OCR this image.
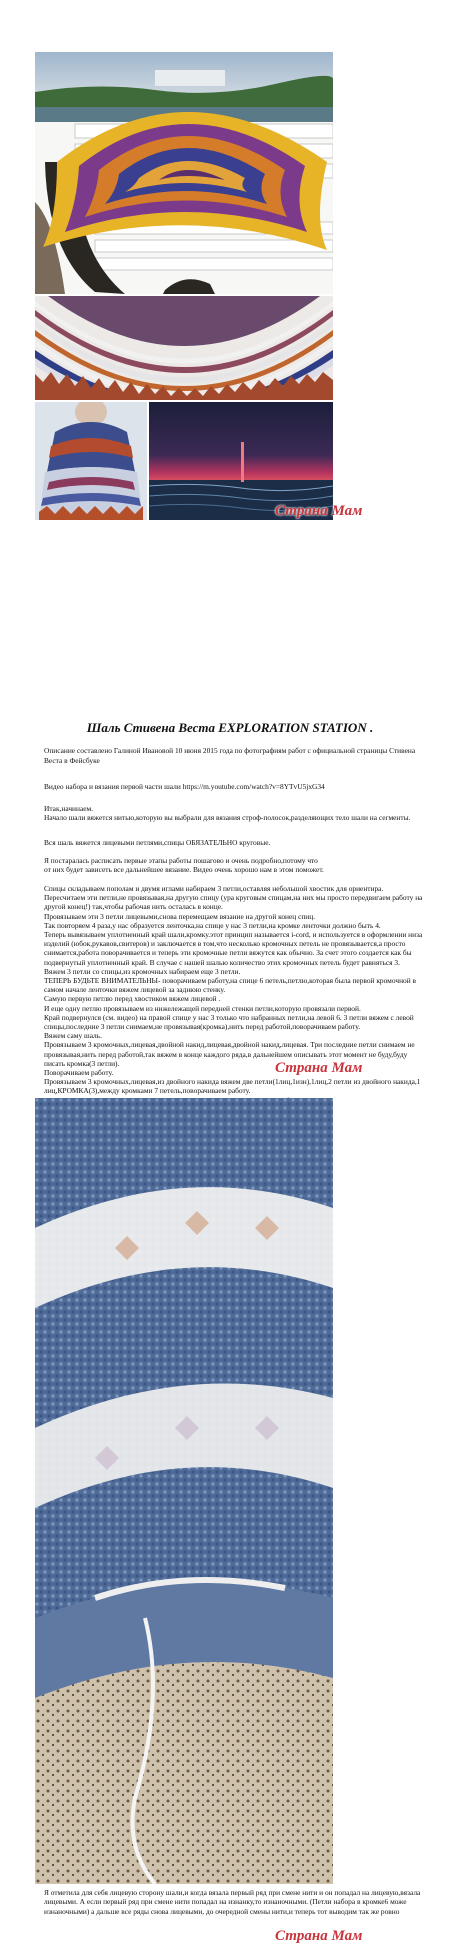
Страна Мам
Шаль Стивена Веста EXPLORATION STATION .
Описание составлено Галиной Ивановой 10 июня 2015 года по фотографиям работ с официальной страницы Стивена Веста в Фейсбуке

Видео набора и вязания первой части шали https://m.youtube.com/watch?v=8YTvU5jxG34

Итак,начинаем.

Начало шали вяжется нитью,которую вы выбрали для вязания строф-полосок,разделяющих тело шали на сегменты.

Вся шаль вяжется лицевыми петлями,спицы ОБЯЗАТЕЛЬНО круговые.

Я постаралась расписать первые этапы работы пошагово и очень подробно,потому что

от них будет зависеть все дальнейшее вязание. Видео очень хорошо нам в этом поможет.

Спицы складываем пополам и двумя иглами набираем 3 петли,оставляя небольшой хвостик для ориентира.

Пересчитаем эти петли,не провязывая,на другую спицу (ура круговым спицам,на них мы просто передвигаем работу на другой конец!) так,чтобы рабочая нить осталась в конце.

Провязываем эти 3 петли лицевыми,снова перемещаем вязание на другой конец спиц.

Так повторяем 4 раза,у нас образуется ленточка,на спице у нас 3 петли,на кромке ленточки должно быть 4.

Теперь вывязываем уплотненный край шали,кромку.этот принцип называется i-cord, и используется в оформлении низа изделий (юбок,рукавов,свитеров) и заключается в том,что несколько кромочных петель не провязывается,а просто снимается,работа поворачивается и теперь эти кромочные петли вяжутся как обычно. За счет этого создается как бы подвернутый уплотненный край. В случае с нашей шалью количество этих кромочных петель будет равняться 3.

Вяжем 3 петли со спицы,из кромочных набираем еще 3 петли.

ТЕПЕРЬ БУДЬТЕ ВНИМАТЕЛЬНЫ- поворачиваем работу,на спице 6 петель,петлю,которая была первой кромочной в самом начале ленточки вяжем лицевой за заднюю стенку.

Самую первую петлю перед хвостиком вяжем лицевой .

И еще одну петлю провязываем из нижележащей передней стенки петли,которую провязали первой.

Край подвернулся (см. видео) на правой спице у нас 3 только что набранных петли,на левой 6. 3 петли вяжем с левой спицы,последние 3 петли снимаем,не провязывая(кромка),нить перед работой,поворачиваем работу.

Вяжем саму шаль.

Провязываем 3 кромочных,лицевая,двойной накид,лицевая,двойной накид,лицевая. Три последние петли снимаем не провязывая,нить перед работой,так вяжем в конце каждого ряда,в дальнейшем описывать этот момент не буду,буду писать кромка(3 петли).

Поворачиваем работу.

Провязываем 3 кромочных,лицевая,из двойного накида вяжем две петли(1лиц,1изн),1лиц,2 петли из двойного накида,1 лиц,КРОМКА(3),между кромками 7 петель,поворачиваем работу.

Страна Мам
Я отметила для себя лицевую сторону шали,и когда вязала первый ряд при смене нити и он попадал на лицевую,вязала лицевыми. А если первый ряд при смене нити попадал на изнанку,то изнаночными. (Петли набора в кромке6 може изнаночными) а дальше все ряды снова лицевыми, до очередной смены нити,и теперь тот выводим так же ровно
Страна Мам
